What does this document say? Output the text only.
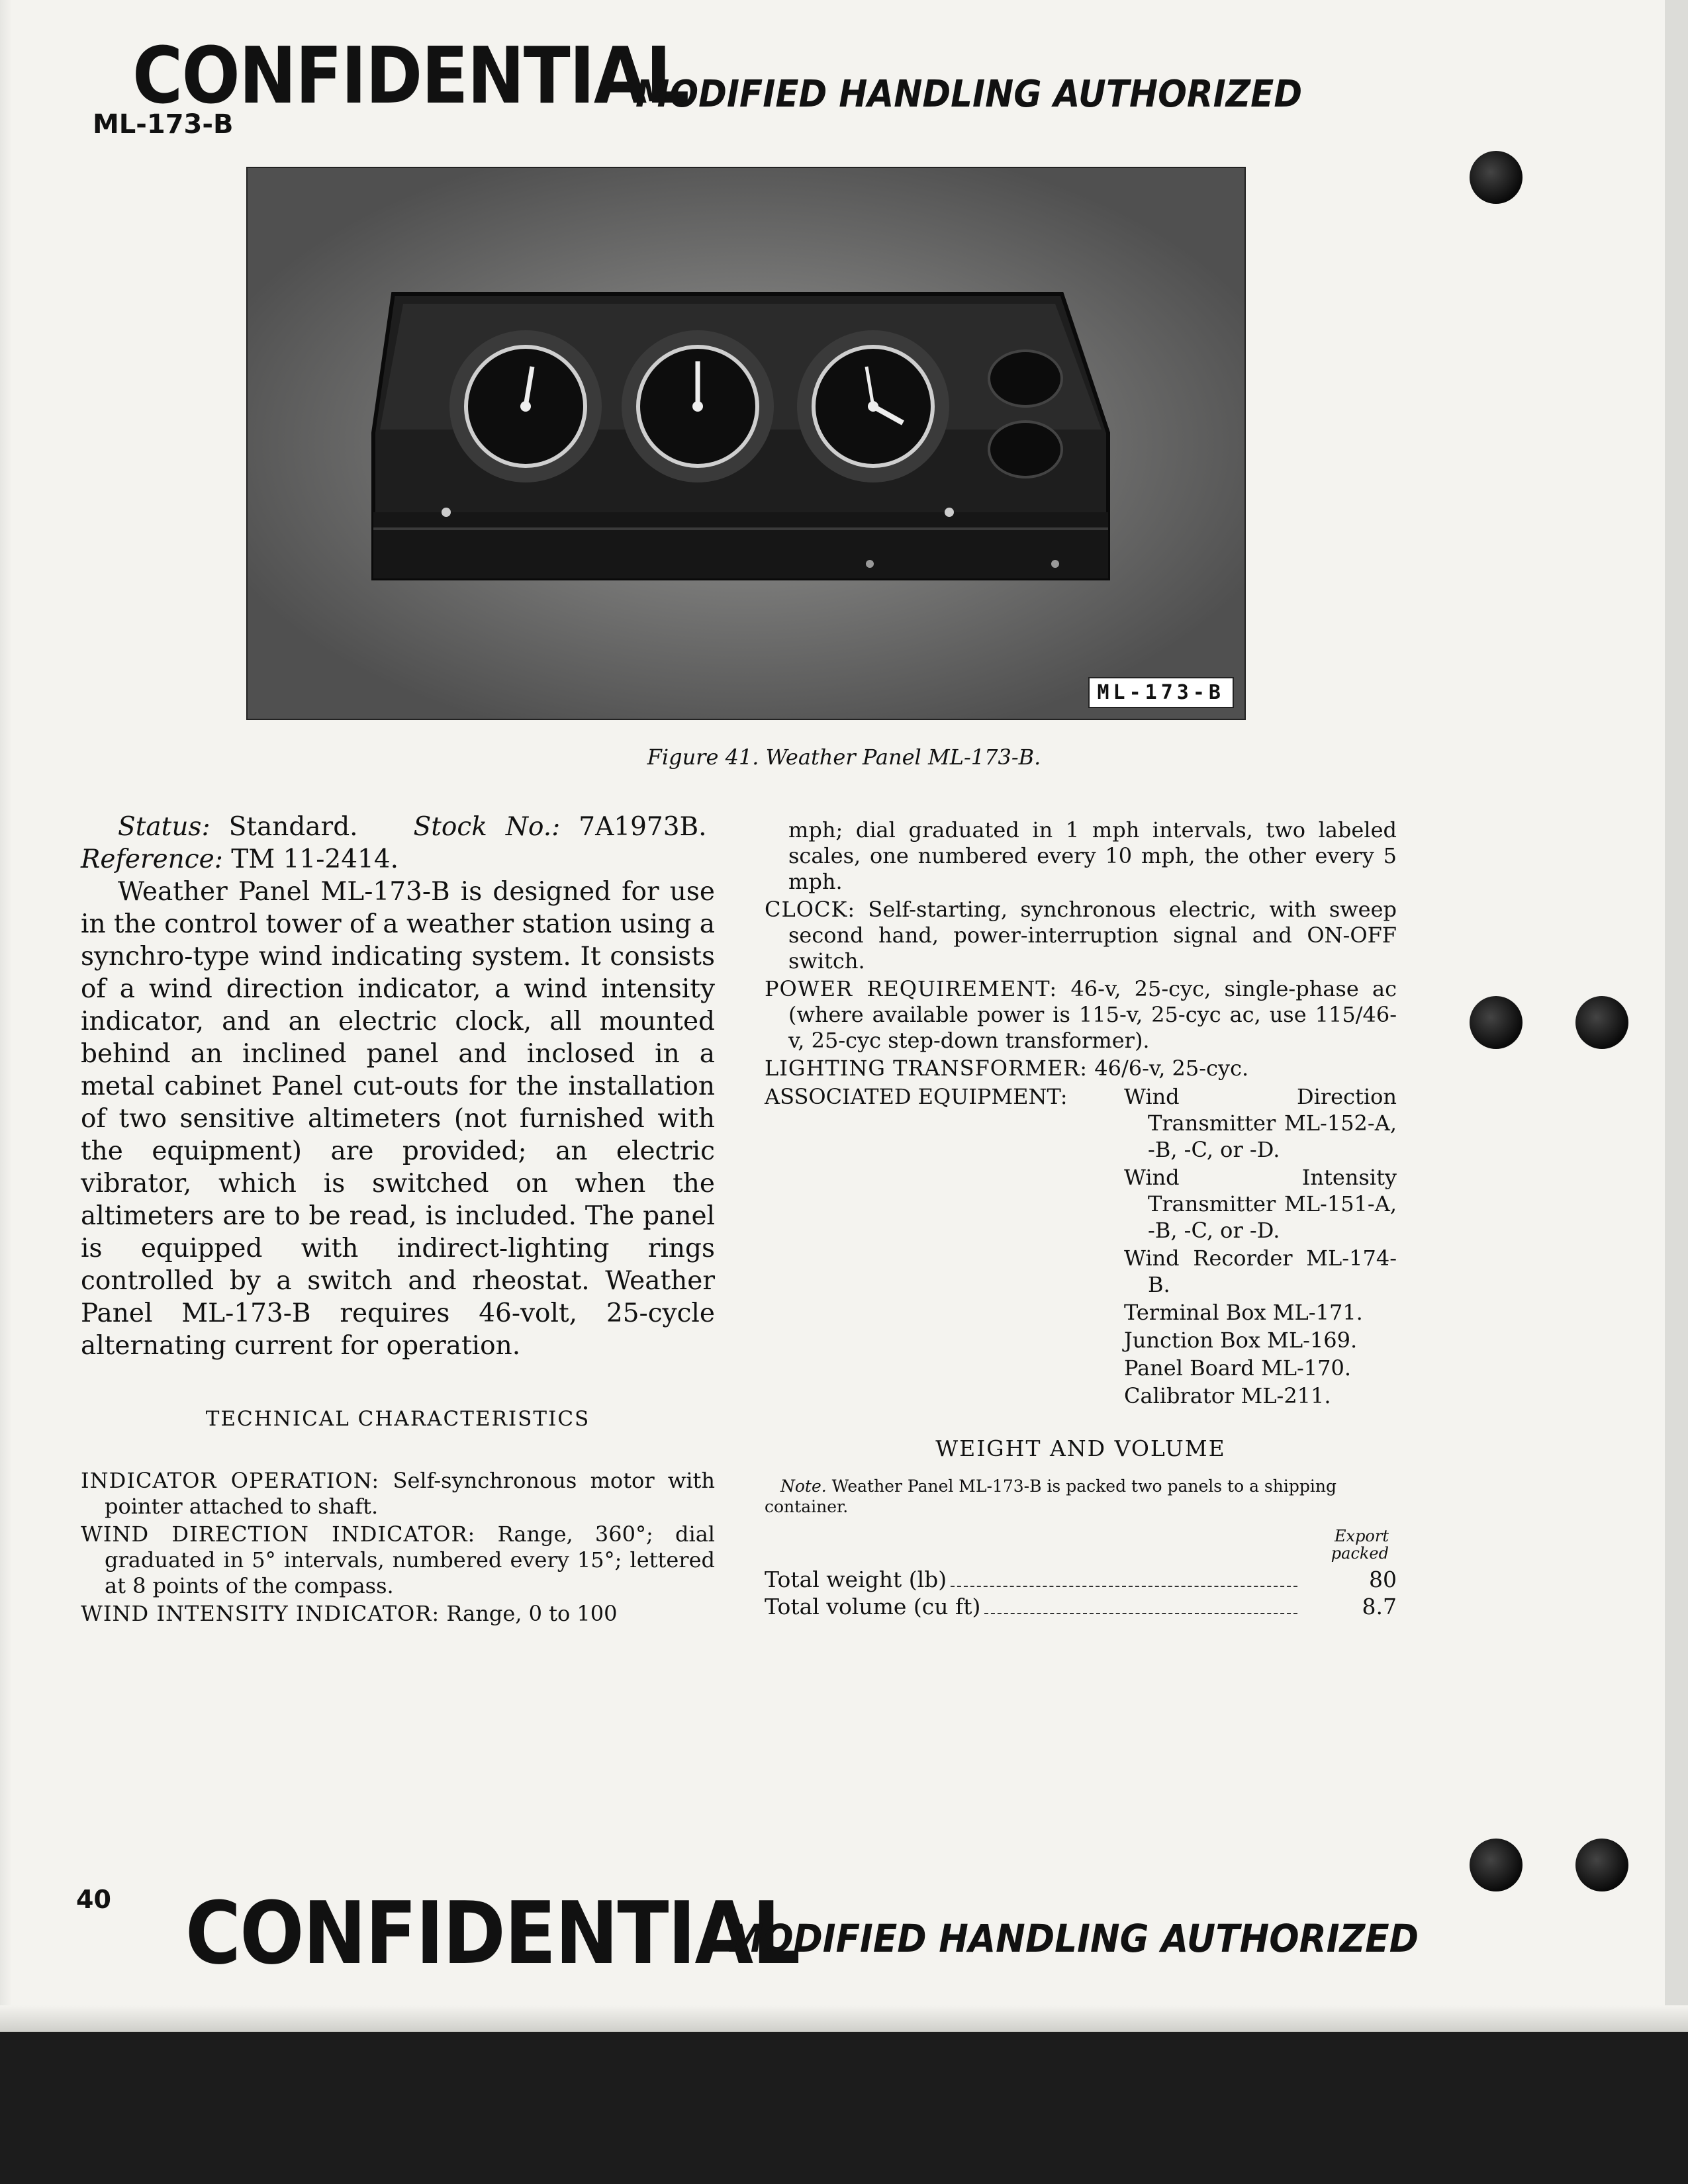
CONFIDENTIAL
MODIFIED HANDLING AUTHORIZED
ML-173-B
ML-173-B
Figure 41. Weather Panel ML-173-B.

Status: Standard. Stock No.: 7A1973B.  Reference: TM 11-2414.

Weather Panel ML-173-B is designed for use in the control tower of a weather station using a synchro-type wind indicating system. It consists of a wind direction indicator, a wind intensity indicator, and an electric clock, all mounted behind an inclined panel and inclosed in a metal cabinet Panel cut-outs for the installation of two sensitive altimeters (not furnished with the equipment) are provided; an electric vibrator, which is switched on when the altimeters are to be read, is included. The panel is equipped with indirect-lighting rings controlled by a switch and rheostat. Weather Panel ML-173-B requires 46-volt, 25-cycle alternating current for operation.

TECHNICAL CHARACTERISTICS

INDICATOR OPERATION: Self-synchronous motor with pointer attached to shaft.

WIND DIRECTION INDICATOR: Range, 360°; dial graduated in 5° intervals, numbered every 15°; lettered at 8 points of the compass.

WIND INTENSITY INDICATOR: Range, 0 to 100

mph; dial graduated in 1 mph intervals, two labeled scales, one numbered every 10 mph, the other every 5 mph.

CLOCK: Self-starting, synchronous electric, with sweep second hand, power-interruption signal and ON-OFF switch.

POWER REQUIREMENT: 46-v, 25-cyc, single-phase ac (where available power is 115-v, 25-cyc ac, use 115/46-v, 25-cyc step-down transformer).

LIGHTING TRANSFORMER: 46/6-v, 25-cyc.

ASSOCIATED EQUIPMENT:	Wind Direction Transmitter ML-152-A, -B, -C, or -D.

Wind Intensity Transmitter ML-151-A, -B, -C, or -D.

Wind Recorder ML-174-B.

Terminal Box ML-171.

Junction Box ML-169.

Panel Board ML-170.

Calibrator ML-211.

WEIGHT AND VOLUME

Note. Weather Panel ML-173-B is packed two panels to a shipping container.

Export
packed
Total weight (lb)	80
Total volume (cu ft)	8.7
40 CONFIDENTIAL
MODIFIED HANDLING AUTHORIZED
